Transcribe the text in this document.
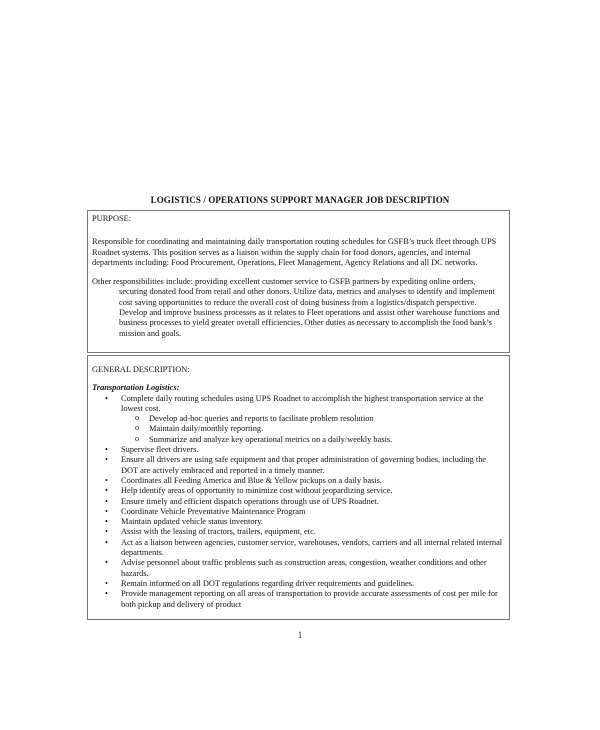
LOGISTICS / OPERATIONS SUPPORT MANAGER JOB DESCRIPTION
PURPOSE:

Responsible for coordinating and maintaining daily transportation routing schedules for GSFB’s truck fleet through UPS Roadnet systems. This position serves as a liaison within the supply chain for food donors, agencies, and internal departments including: Food Procurement, Operations, Fleet Management, Agency Relations and all DC networks.

Other responsibilities include: providing excellent customer service to GSFB partners by expediting online orders, securing donated food from retail and other donors. Utilize data, metrics and analyses to identify and implement cost saving opportunities to reduce the overall cost of doing business from a logistics/dispatch perspective. Develop and improve business processes as it relates to Fleet operations and assist other warehouse functions and business processes to yield greater overall efficiencies. Other duties as necessary to accomplish the food bank’s mission and goals.

GENERAL DESCRIPTION:
Transportation Logistics:
• Complete daily routing schedules using UPS Roadnet to accomplish the highest transportation service at the lowest cost.
o Develop ad-hoc queries and reports to facilitate problem resolution
o Maintain daily/monthly reporting.
o Summarize and analyze key operational metrics on a daily/weekly basis.
• Supervise fleet drivers.
• Ensure all drivers are using safe equipment and that proper administration of governing bodies, including the DOT are actively embraced and reported in a timely manner.
• Coordinates all Feeding America and Blue & Yellow pickups on a daily basis.
• Help identify areas of opportunity to minimize cost without jeopardizing service.
• Ensure timely and efficient dispatch operations through use of UPS Roadnet.
• Coordinate Vehicle Preventative Maintenance Program
• Maintain updated vehicle status inventory.
• Assist with the leasing of tractors, trailers, equipment, etc.
• Act as a liaison between agencies, customer service, warehouses, vendors, carriers and all internal related internal departments.
• Advise personnel about traffic problems such as construction areas, congestion, weather conditions and other hazards.
• Remain informed on all DOT regulations regarding driver requirements and guidelines.
• Provide management reporting on all areas of transportation to provide accurate assessments of cost per mile for both pickup and delivery of product
1
